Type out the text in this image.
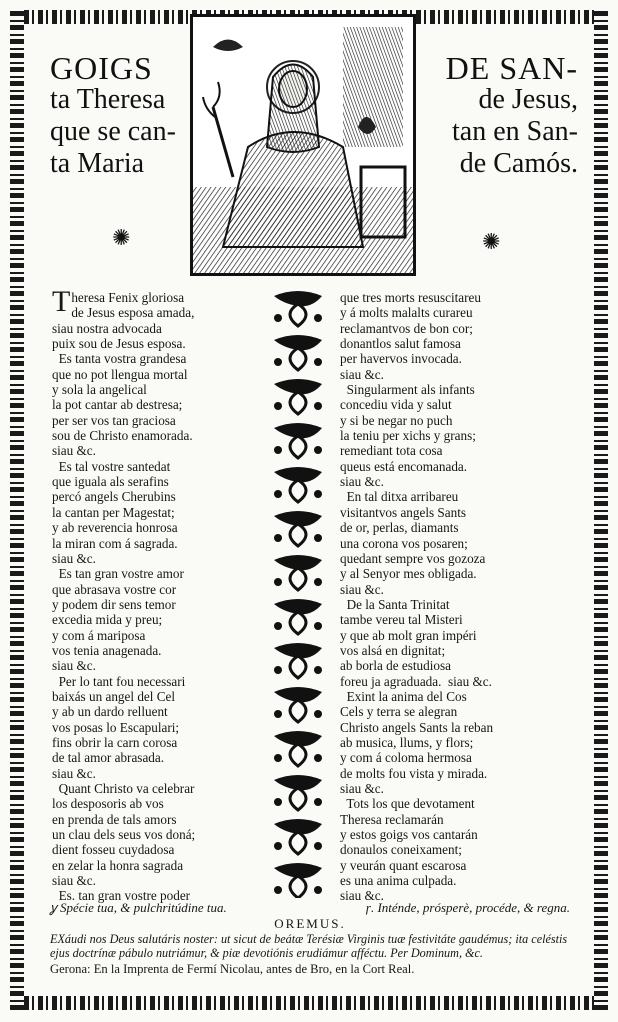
GOIGS
ta Theresa
que se can-
ta Maria
DE SAN-
de Jesus,
tan en San-
de Camós.
✺	✺
T heresa Fenix gloriosa
de Jesus esposa amada,
siau nostra advocada
puix sou de Jesus esposa.
Es tanta vostra grandesa
que no pot llengua mortal
y sola la angelical
la pot cantar ab destresa;
per ser vos tan graciosa
sou de Christo enamorada.
siau &c.
Es tal vostre santedat
que iguala als serafins
percó angels Cherubins
la cantan per Magestat;
y ab reverencia honrosa
la miran com á sagrada.
siau &c.
Es tan gran vostre amor
que abrasava vostre cor
y podem dir sens temor
excedia mida y preu;
y com á mariposa
vos tenia anagenada.
siau &c.
Per lo tant fou necessari
baixás un angel del Cel
y ab un dardo relluent
vos posas lo Escapulari;
fins obrir la carn corosa
de tal amor abrasada.
siau &c.
Quant Christo va celebrar
los desposoris ab vos
en prenda de tals amors
un clau dels seus vos doná;
dient fosseu cuydadosa
en zelar la honra sagrada
siau &c.
Es. tan gran vostre poder
que tres morts resuscitareu
y á molts malalts curareu
reclamantvos de bon cor;
donantlos salut famosa
per havervos invocada.
siau &c.
Singularment als infants
concediu vida y salut
y si be negar no puch
la teniu per xichs y grans;
remediant tota cosa
queus está encomanada.
siau &c.
En tal ditxa arribareu
visitantvos angels Sants
de or, perlas, diamants
una corona vos posaren;
quedant sempre vos gozoza
y al Senyor mes obligada.
siau &c.
De la Santa Trinitat
tambe vereu tal Misteri
y que ab molt gran impéri
vos alsá en dignitat;
ab borla de estudiosa
foreu ja agraduada.  siau &c.
Exint la anima del Cos
Cels y terra se alegran
Christo angels Sants la reban
ab musica, llums, y flors;
y com á coloma hermosa
de molts fou vista y mirada.
siau &c.
Tots los que devotament
Theresa reclamarán
y estos goigs vos cantarán
donaulos coneixament;
y veurán quant escarosa
es una anima culpada.
siau &c.
ỿ Spécie tua, & pulchritúdine tua.	ɼ. Inténde, prósperè, procéde, & regna.
OREMUS.
EXáudi nos Deus salutáris noster: ut sicut de beátæ Terésiæ Virginis tuæ festivitáte gaudémus; ita celéstis ejus doctrínæ pábulo nutriámur, & piæ devotiónis erudiámur afféctu. Per Dominum, &c.
Gerona: En la Imprenta de Fermí Nicolau, antes de Bro, en la Cort Real.
